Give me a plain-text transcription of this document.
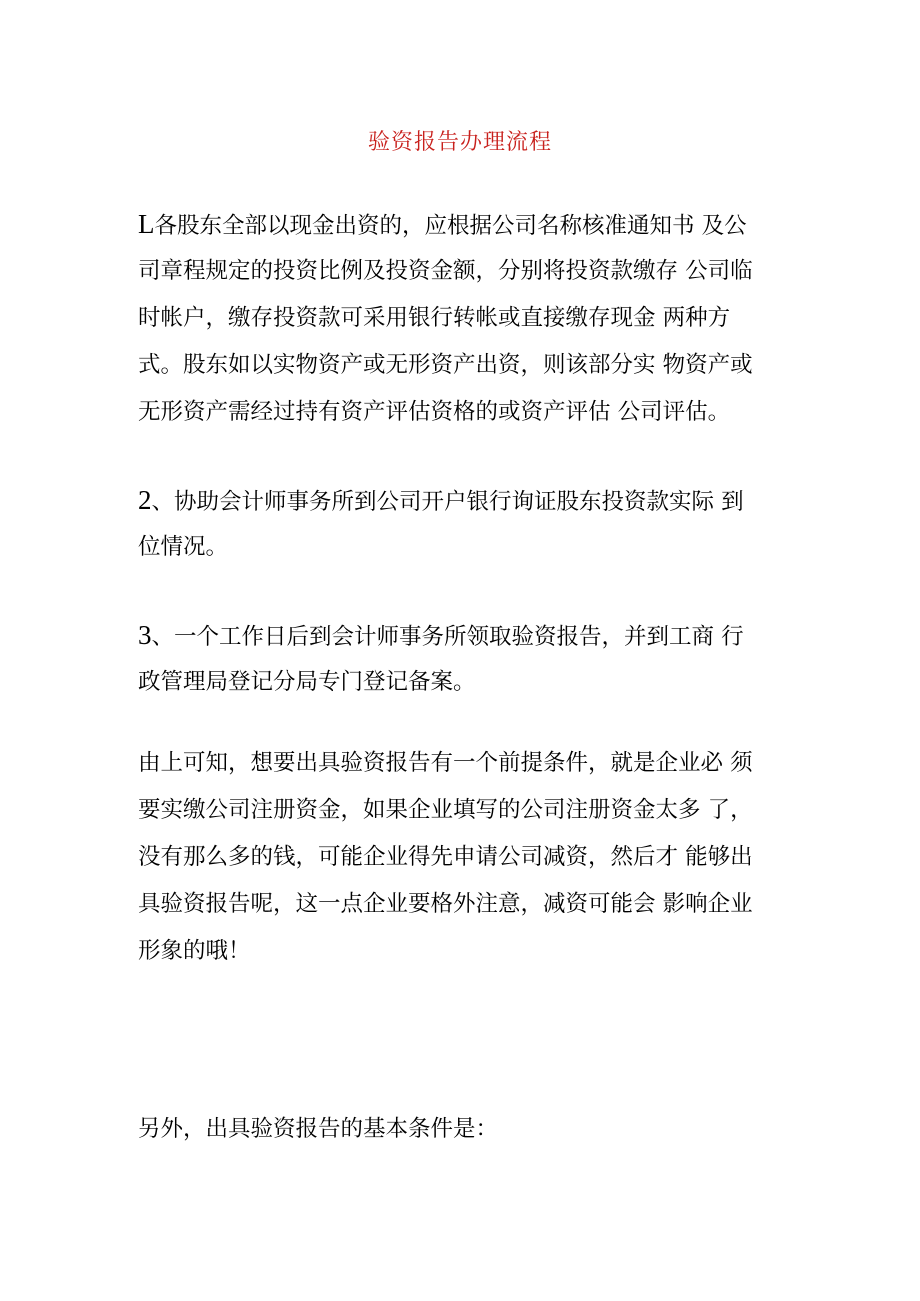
验资报告办理流程
L各股东全部以现金出资的，应根据公司名称核准通知书 及公
司章程规定的投资比例及投资金额，分别将投资款缴存 公司临
时帐户，缴存投资款可采用银行转帐或直接缴存现金 两种方
式。股东如以实物资产或无形资产出资，则该部分实 物资产或
无形资产需经过持有资产评估资格的或资产评估 公司评估。
2、协助会计师事务所到公司开户银行询证股东投资款实际 到
位情况。
3、一个工作日后到会计师事务所领取验资报告，并到工商 行
政管理局登记分局专门登记备案。
由上可知，想要出具验资报告有一个前提条件，就是企业必 须
要实缴公司注册资金，如果企业填写的公司注册资金太多 了，
没有那么多的钱，可能企业得先申请公司减资，然后才 能够出
具验资报告呢，这一点企业要格外注意，减资可能会 影响企业
形象的哦！
另外，出具验资报告的基本条件是：
